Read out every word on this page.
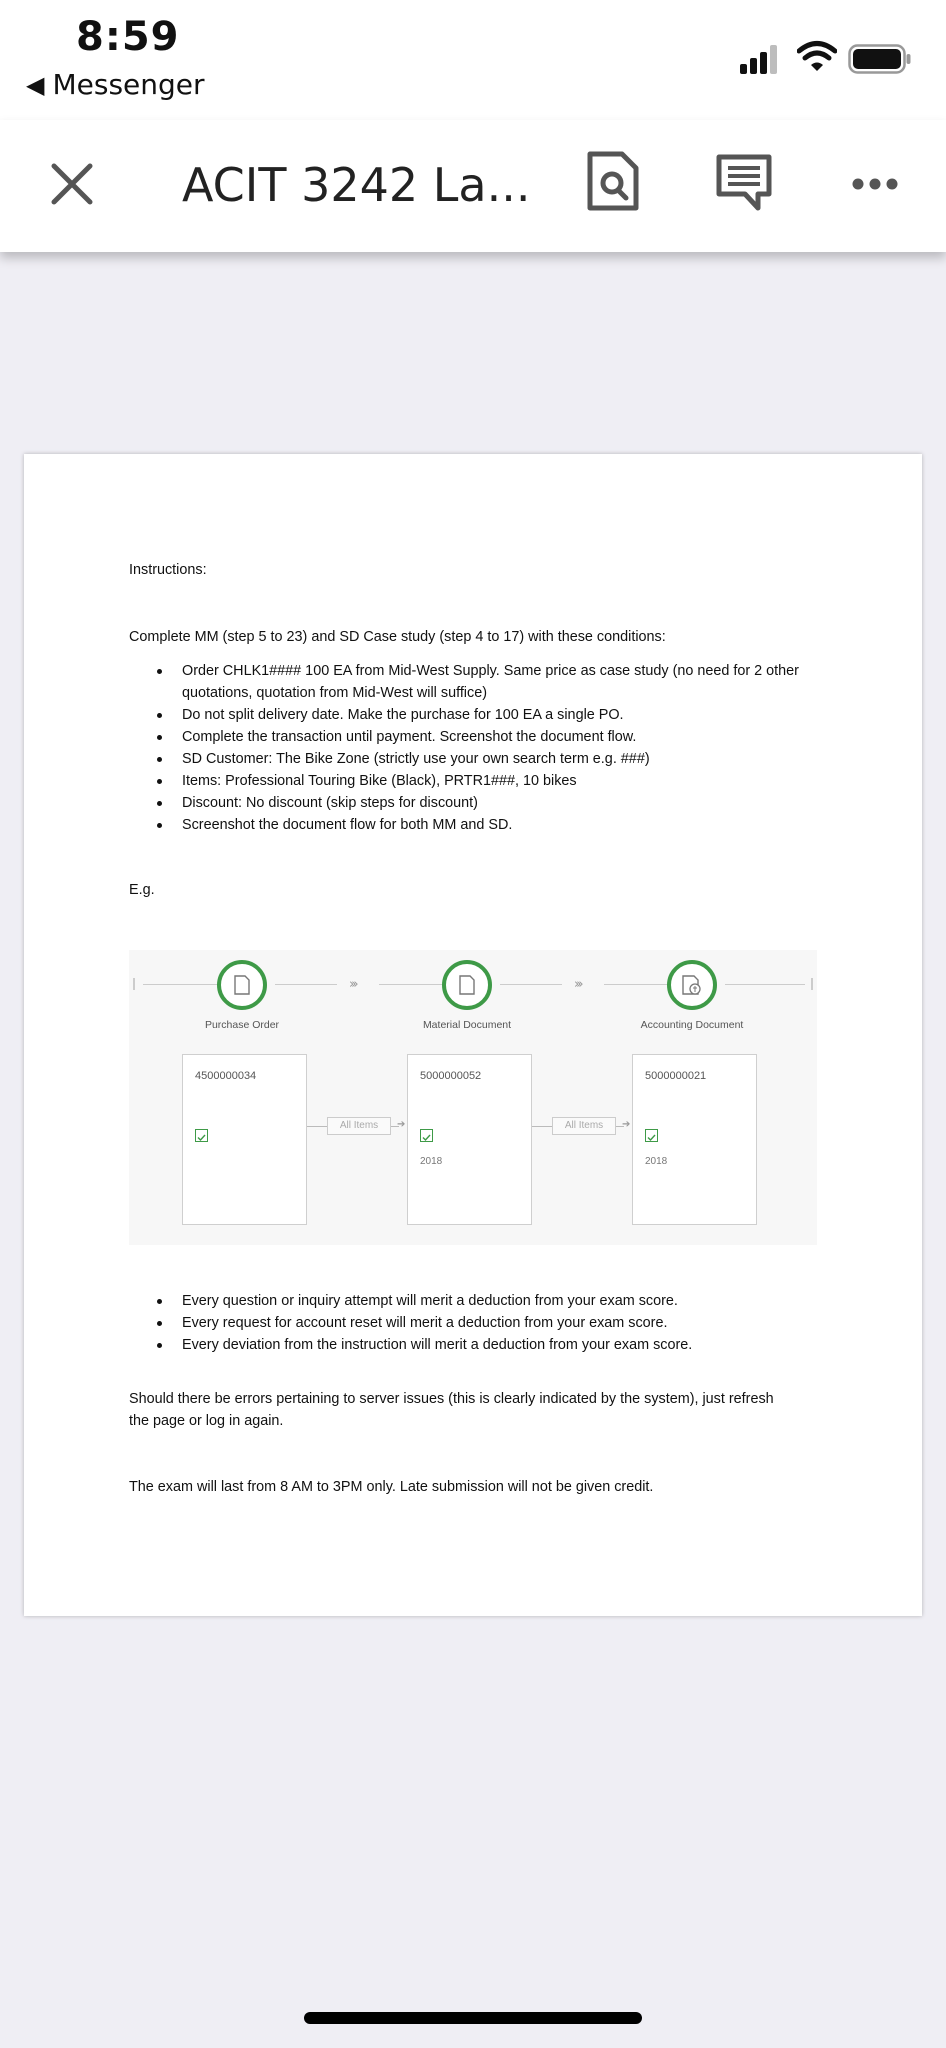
8:59
◀ Messenger
ACIT 3242 La...
Instructions:
Complete MM (step 5 to 23) and SD Case study (step 4 to 17) with these conditions:
Order CHLK1#### 100 EA from Mid-West Supply. Same price as case study (no need for 2 other
quotations, quotation from Mid-West will suffice)
Do not split delivery date. Make the purchase for 100 EA a single PO.
Complete the transaction until payment. Screenshot the document flow.
SD Customer: The Bike Zone (strictly use your own search term e.g. ###)
Items: Professional Touring Bike (Black), PRTR1###, 10 bikes
Discount: No discount (skip steps for discount)
Screenshot the document flow for both MM and SD.
E.g.
›››	›››
Purchase Order	Material Document	Accounting Document
4500000034	5000000052
2018
5000000021
2018
All Items	➔	All Items	➔
Every question or inquiry attempt will merit a deduction from your exam score.
Every request for account reset will merit a deduction from your exam score.
Every deviation from the instruction will merit a deduction from your exam score.
Should there be errors pertaining to server issues (this is clearly indicated by the system), just refresh
the page or log in again.
The exam will last from 8 AM to 3PM only. Late submission will not be given credit.
